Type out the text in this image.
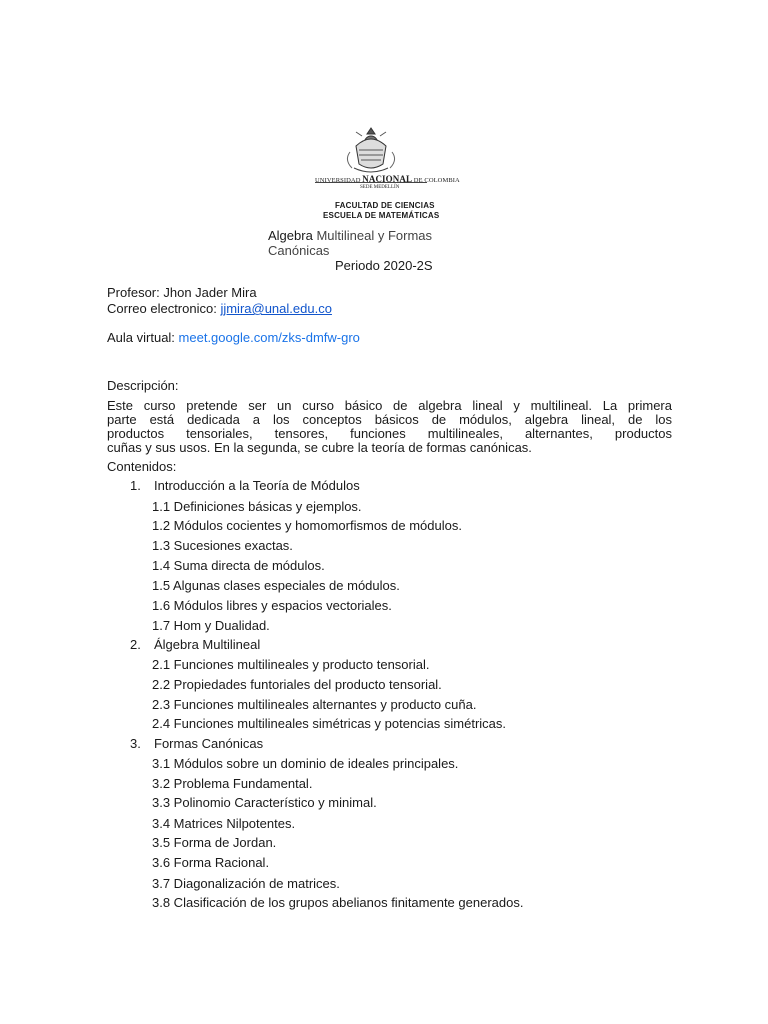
UNIVERSIDAD NACIONAL DE COLOMBIA
SEDE MEDELLÍN
FACULTAD DE CIENCIAS
ESCUELA DE MATEMÁTICAS
Algebra Multilineal y Formas
Canónicas
Periodo 2020-2S
Profesor: Jhon Jader Mira
Correo electronico: jjmira@unal.edu.co
Aula virtual: meet.google.com/zks-dmfw-gro
Descripción:
Este curso pretende ser un curso básico de algebra lineal y multilineal. La primera
parte está dedicada a los conceptos básicos de módulos, algebra lineal, de los
productos tensoriales, tensores, funciones multilineales, alternantes, productos
cuñas y sus usos. En la segunda, se cubre la teoría de formas canónicas.
Contenidos:
1. Introducción a la Teoría de Módulos
1.1 Definiciones básicas y ejemplos.
1.2 Módulos cocientes y homomorfismos de módulos.
1.3 Sucesiones exactas.
1.4 Suma directa de módulos.
1.5 Algunas clases especiales de módulos.
1.6 Módulos libres y espacios vectoriales.
1.7 Hom y Dualidad.
2. Álgebra Multilineal
2.1 Funciones multilineales y producto tensorial.
2.2 Propiedades funtoriales del producto tensorial.
2.3 Funciones multilineales alternantes y producto cuña.
2.4 Funciones multilineales simétricas y potencias simétricas.
3. Formas Canónicas
3.1 Módulos sobre un dominio de ideales principales.
3.2 Problema Fundamental.
3.3 Polinomio Característico y minimal.
3.4 Matrices Nilpotentes.
3.5 Forma de Jordan.
3.6 Forma Racional.
3.7 Diagonalización de matrices.
3.8 Clasificación de los grupos abelianos finitamente generados.
